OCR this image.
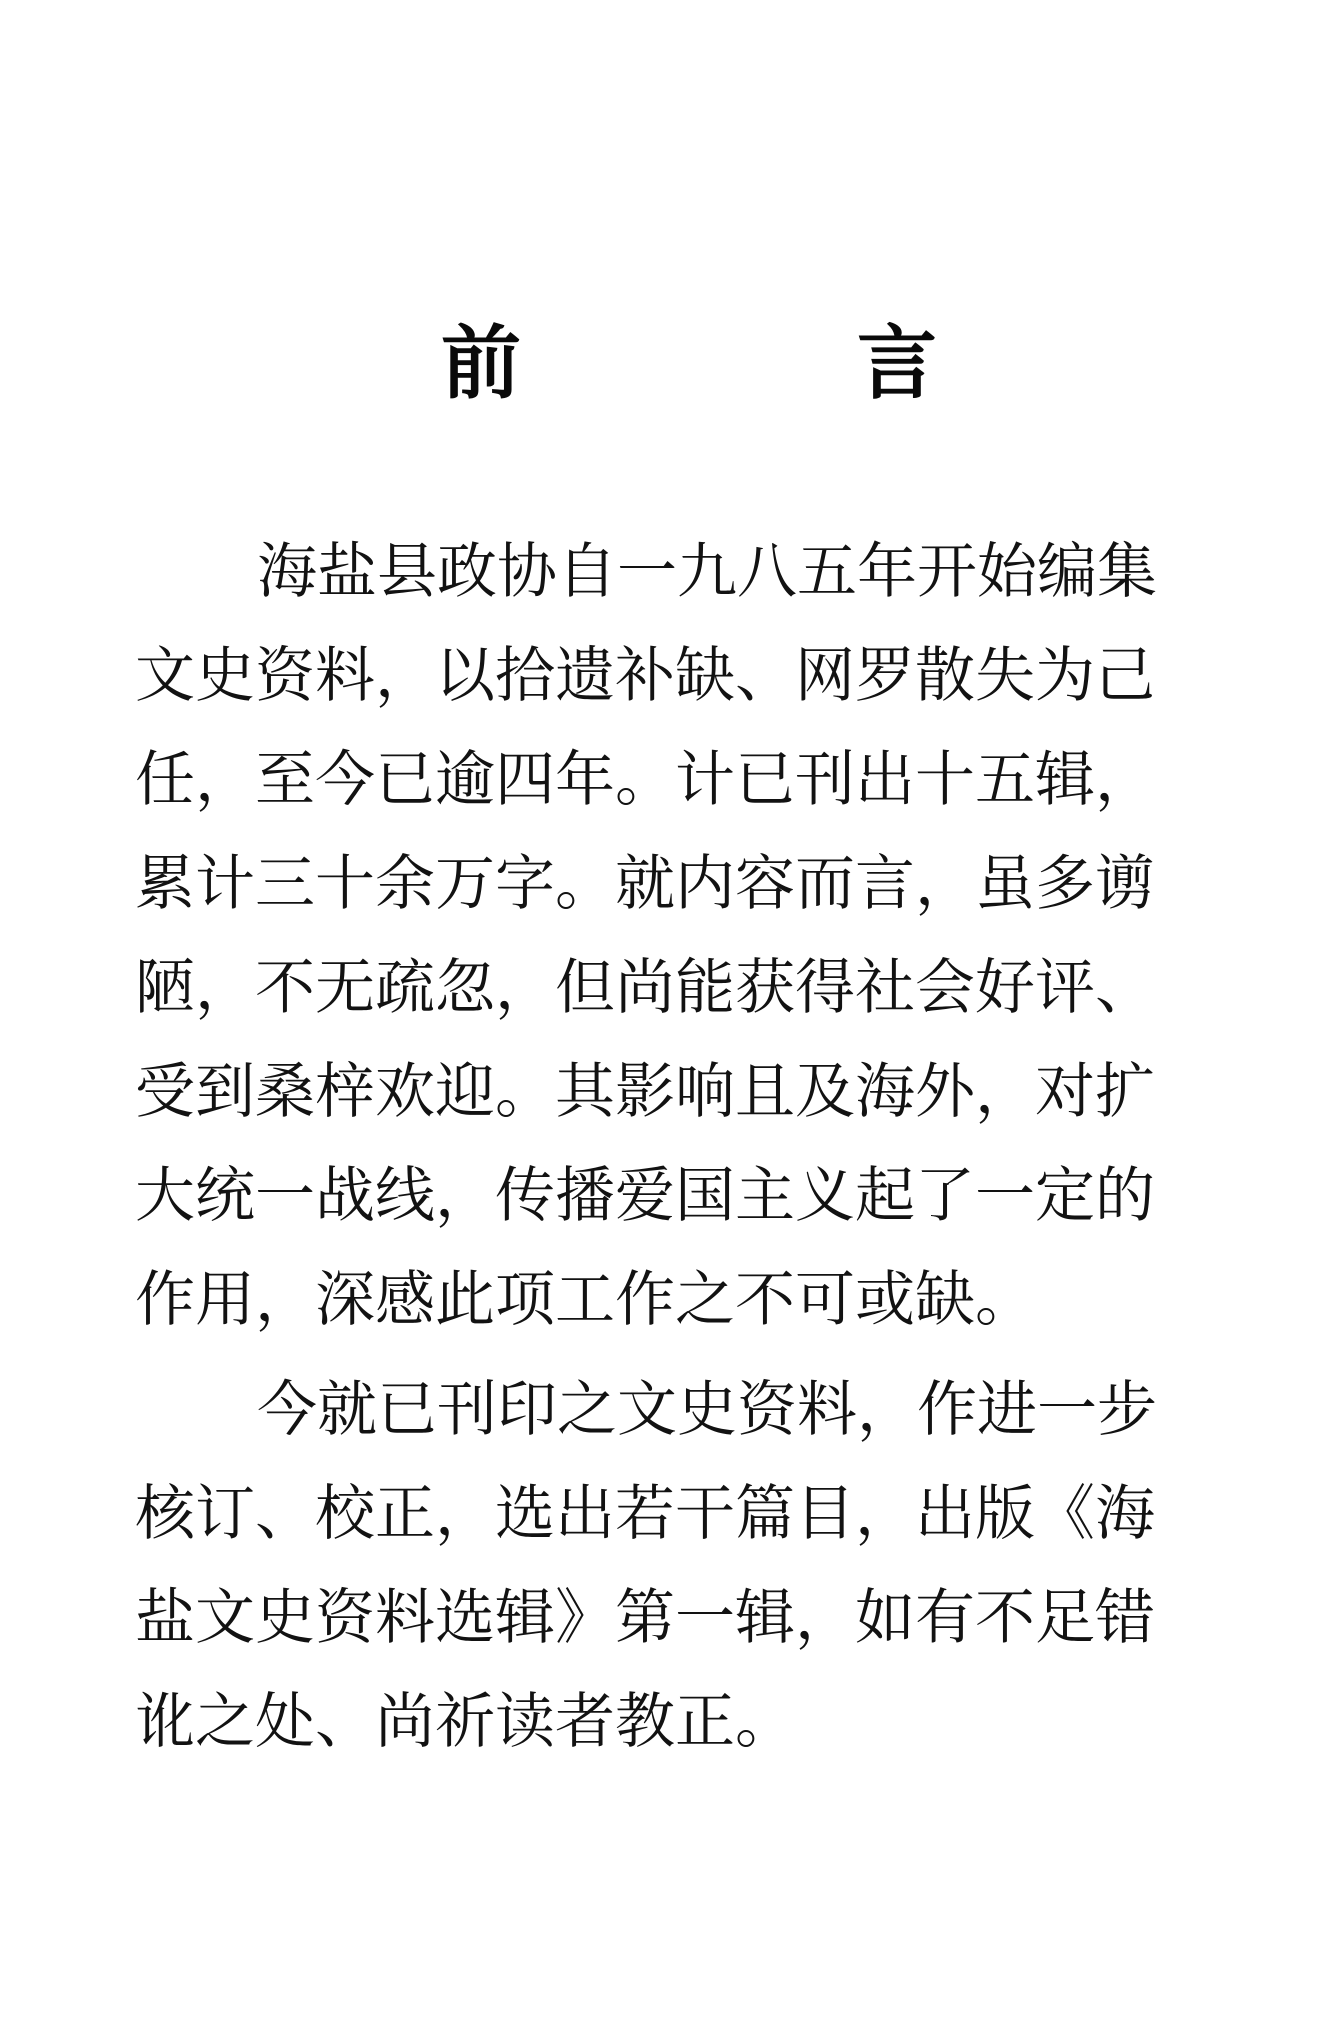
前	言
海盐县政协自一九八五年开始编集
文史资料，以拾遗补缺、网罗散失为己
任，至今已逾四年。计已刊出十五辑，
累计三十余万字。就内容而言，虽多谫
陋，不无疏忽，但尚能获得社会好评、
受到桑梓欢迎。其影响且及海外，对扩
大统一战线，传播爱国主义起了一定的
作用，深感此项工作之不可或缺。
今就已刊印之文史资料，作进一步
核订、校正，选出若干篇目，出版《海
盐文史资料选辑》第一辑，如有不足错
讹之处、尚祈读者教正。
